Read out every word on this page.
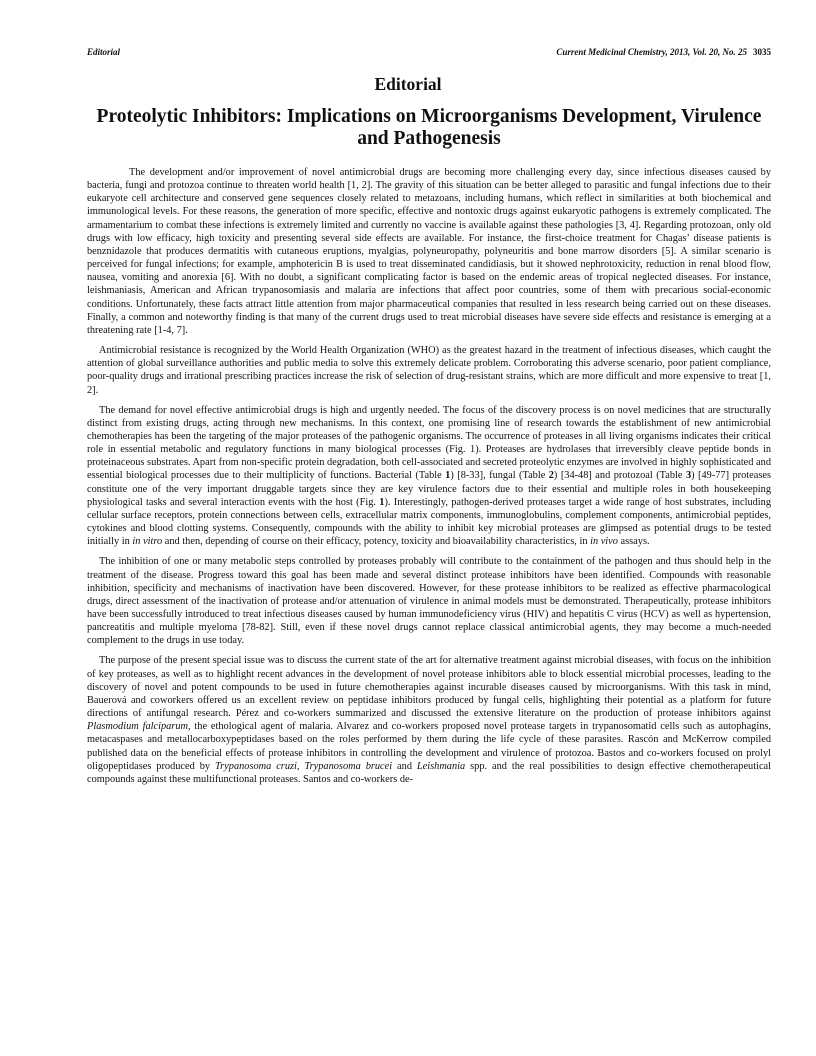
Editorial	Current Medicinal Chemistry, 2013, Vol. 20, No. 25 3035
Editorial
Proteolytic Inhibitors: Implications on Microorganisms Development, Virulence and Pathogenesis

The development and/or improvement of novel antimicrobial drugs are becoming more challenging every day, since infectious diseases caused by bacteria, fungi and protozoa continue to threaten world health [1, 2]. The gravity of this situation can be better alleged to parasitic and fungal infections due to their eukaryote cell architecture and conserved gene sequences closely related to metazoans, including humans, which reflect in similarities at both biochemical and immunological levels. For these reasons, the generation of more specific, effective and nontoxic drugs against eukaryotic pathogens is extremely complicated. The armamentarium to combat these infections is extremely limited and currently no vaccine is available against these pathologies [3, 4]. Regarding protozoan, only old drugs with low efficacy, high toxicity and presenting several side effects are available. For instance, the first-choice treatment for Chagas’ disease patients is benznidazole that produces dermatitis with cutaneous eruptions, myalgias, polyneuropathy, polyneuritis and bone marrow disorders [5]. A similar scenario is perceived for fungal infections; for example, amphotericin B is used to treat disseminated candidiasis, but it showed nephrotoxicity, reduction in renal blood flow, nausea, vomiting and anorexia [6]. With no doubt, a significant complicating factor is based on the endemic areas of tropical neglected diseases. For instance, leishmaniasis, American and African trypanosomiasis and malaria are infections that affect poor countries, some of them with precarious social-economic conditions. Unfortunately, these facts attract little attention from major pharmaceutical companies that resulted in less research being carried out on these diseases. Finally, a common and noteworthy finding is that many of the current drugs used to treat microbial diseases have severe side effects and resistance is emerging at a threatening rate [1-4, 7].

Antimicrobial resistance is recognized by the World Health Organization (WHO) as the greatest hazard in the treatment of infectious diseases, which caught the attention of global surveillance authorities and public media to solve this extremely delicate problem. Corroborating this adverse scenario, poor patient compliance, poor-quality drugs and irrational prescribing practices increase the risk of selection of drug-resistant strains, which are more difficult and more expensive to treat [1, 2].

The demand for novel effective antimicrobial drugs is high and urgently needed. The focus of the discovery process is on novel medicines that are structurally distinct from existing drugs, acting through new mechanisms. In this context, one promising line of research towards the establishment of new antimicrobial chemotherapies has been the targeting of the major proteases of the pathogenic organisms. The occurrence of proteases in all living organisms indicates their critical role in essential metabolic and regulatory functions in many biological processes (Fig. 1). Proteases are hydrolases that irreversibly cleave peptide bonds in proteinaceous substrates. Apart from non-specific protein degradation, both cell-associated and secreted proteolytic enzymes are involved in highly sophisticated and essential biological processes due to their multiplicity of functions. Bacterial (Table 1) [8-33], fungal (Table 2) [34-48] and protozoal (Table 3) [49-77] proteases constitute one of the very important druggable targets since they are key virulence factors due to their essential and multiple roles in both housekeeping physiological tasks and several interaction events with the host (Fig. 1). Interestingly, pathogen-derived proteases target a wide range of host substrates, including cellular surface receptors, protein connections between cells, extracellular matrix components, immunoglobulins, complement components, antimicrobial peptides, cytokines and blood clotting systems. Consequently, compounds with the ability to inhibit key microbial proteases are glimpsed as potential drugs to be tested initially in in vitro and then, depending of course on their efficacy, potency, toxicity and bioavailability characteristics, in in vivo assays.

The inhibition of one or many metabolic steps controlled by proteases probably will contribute to the containment of the pathogen and thus should help in the treatment of the disease. Progress toward this goal has been made and several distinct protease inhibitors have been identified. Compounds with reasonable inhibition, specificity and mechanisms of inactivation have been discovered. However, for these protease inhibitors to be realized as effective pharmacological drugs, direct assessment of the inactivation of protease and/or attenuation of virulence in animal models must be demonstrated. Therapeutically, protease inhibitors have been successfully introduced to treat infectious diseases caused by human immunodeficiency virus (HIV) and hepatitis C virus (HCV) as well as hypertension, pancreatitis and multiple myeloma [78-82]. Still, even if these novel drugs cannot replace classical antimicrobial agents, they may become a much-needed complement to the drugs in use today.

The purpose of the present special issue was to discuss the current state of the art for alternative treatment against microbial diseases, with focus on the inhibition of key proteases, as well as to highlight recent advances in the development of novel protease inhibitors able to block essential microbial processes, leading to the discovery of novel and potent compounds to be used in future chemotherapies against incurable diseases caused by microorganisms. With this task in mind, Bauerová and coworkers offered us an excellent review on peptidase inhibitors produced by fungal cells, highlighting their potential as a platform for future directions of antifungal research. Pérez and co-workers summarized and discussed the extensive literature on the production of protease inhibitors against Plasmodium falciparum, the ethological agent of malaria. Alvarez and co-workers proposed novel protease targets in trypanosomatid cells such as autophagins, metacaspases and metallocarboxypeptidases based on the roles performed by them during the life cycle of these parasites. Rascón and McKerrow compiled published data on the beneficial effects of protease inhibitors in controlling the development and virulence of protozoa. Bastos and co-workers focused on prolyl oligopeptidases produced by Trypanosoma cruzi, Trypanosoma brucei and Leishmania spp. and the real possibilities to design effective chemotherapeutical compounds against these multifunctional proteases. Santos and co-workers de-
